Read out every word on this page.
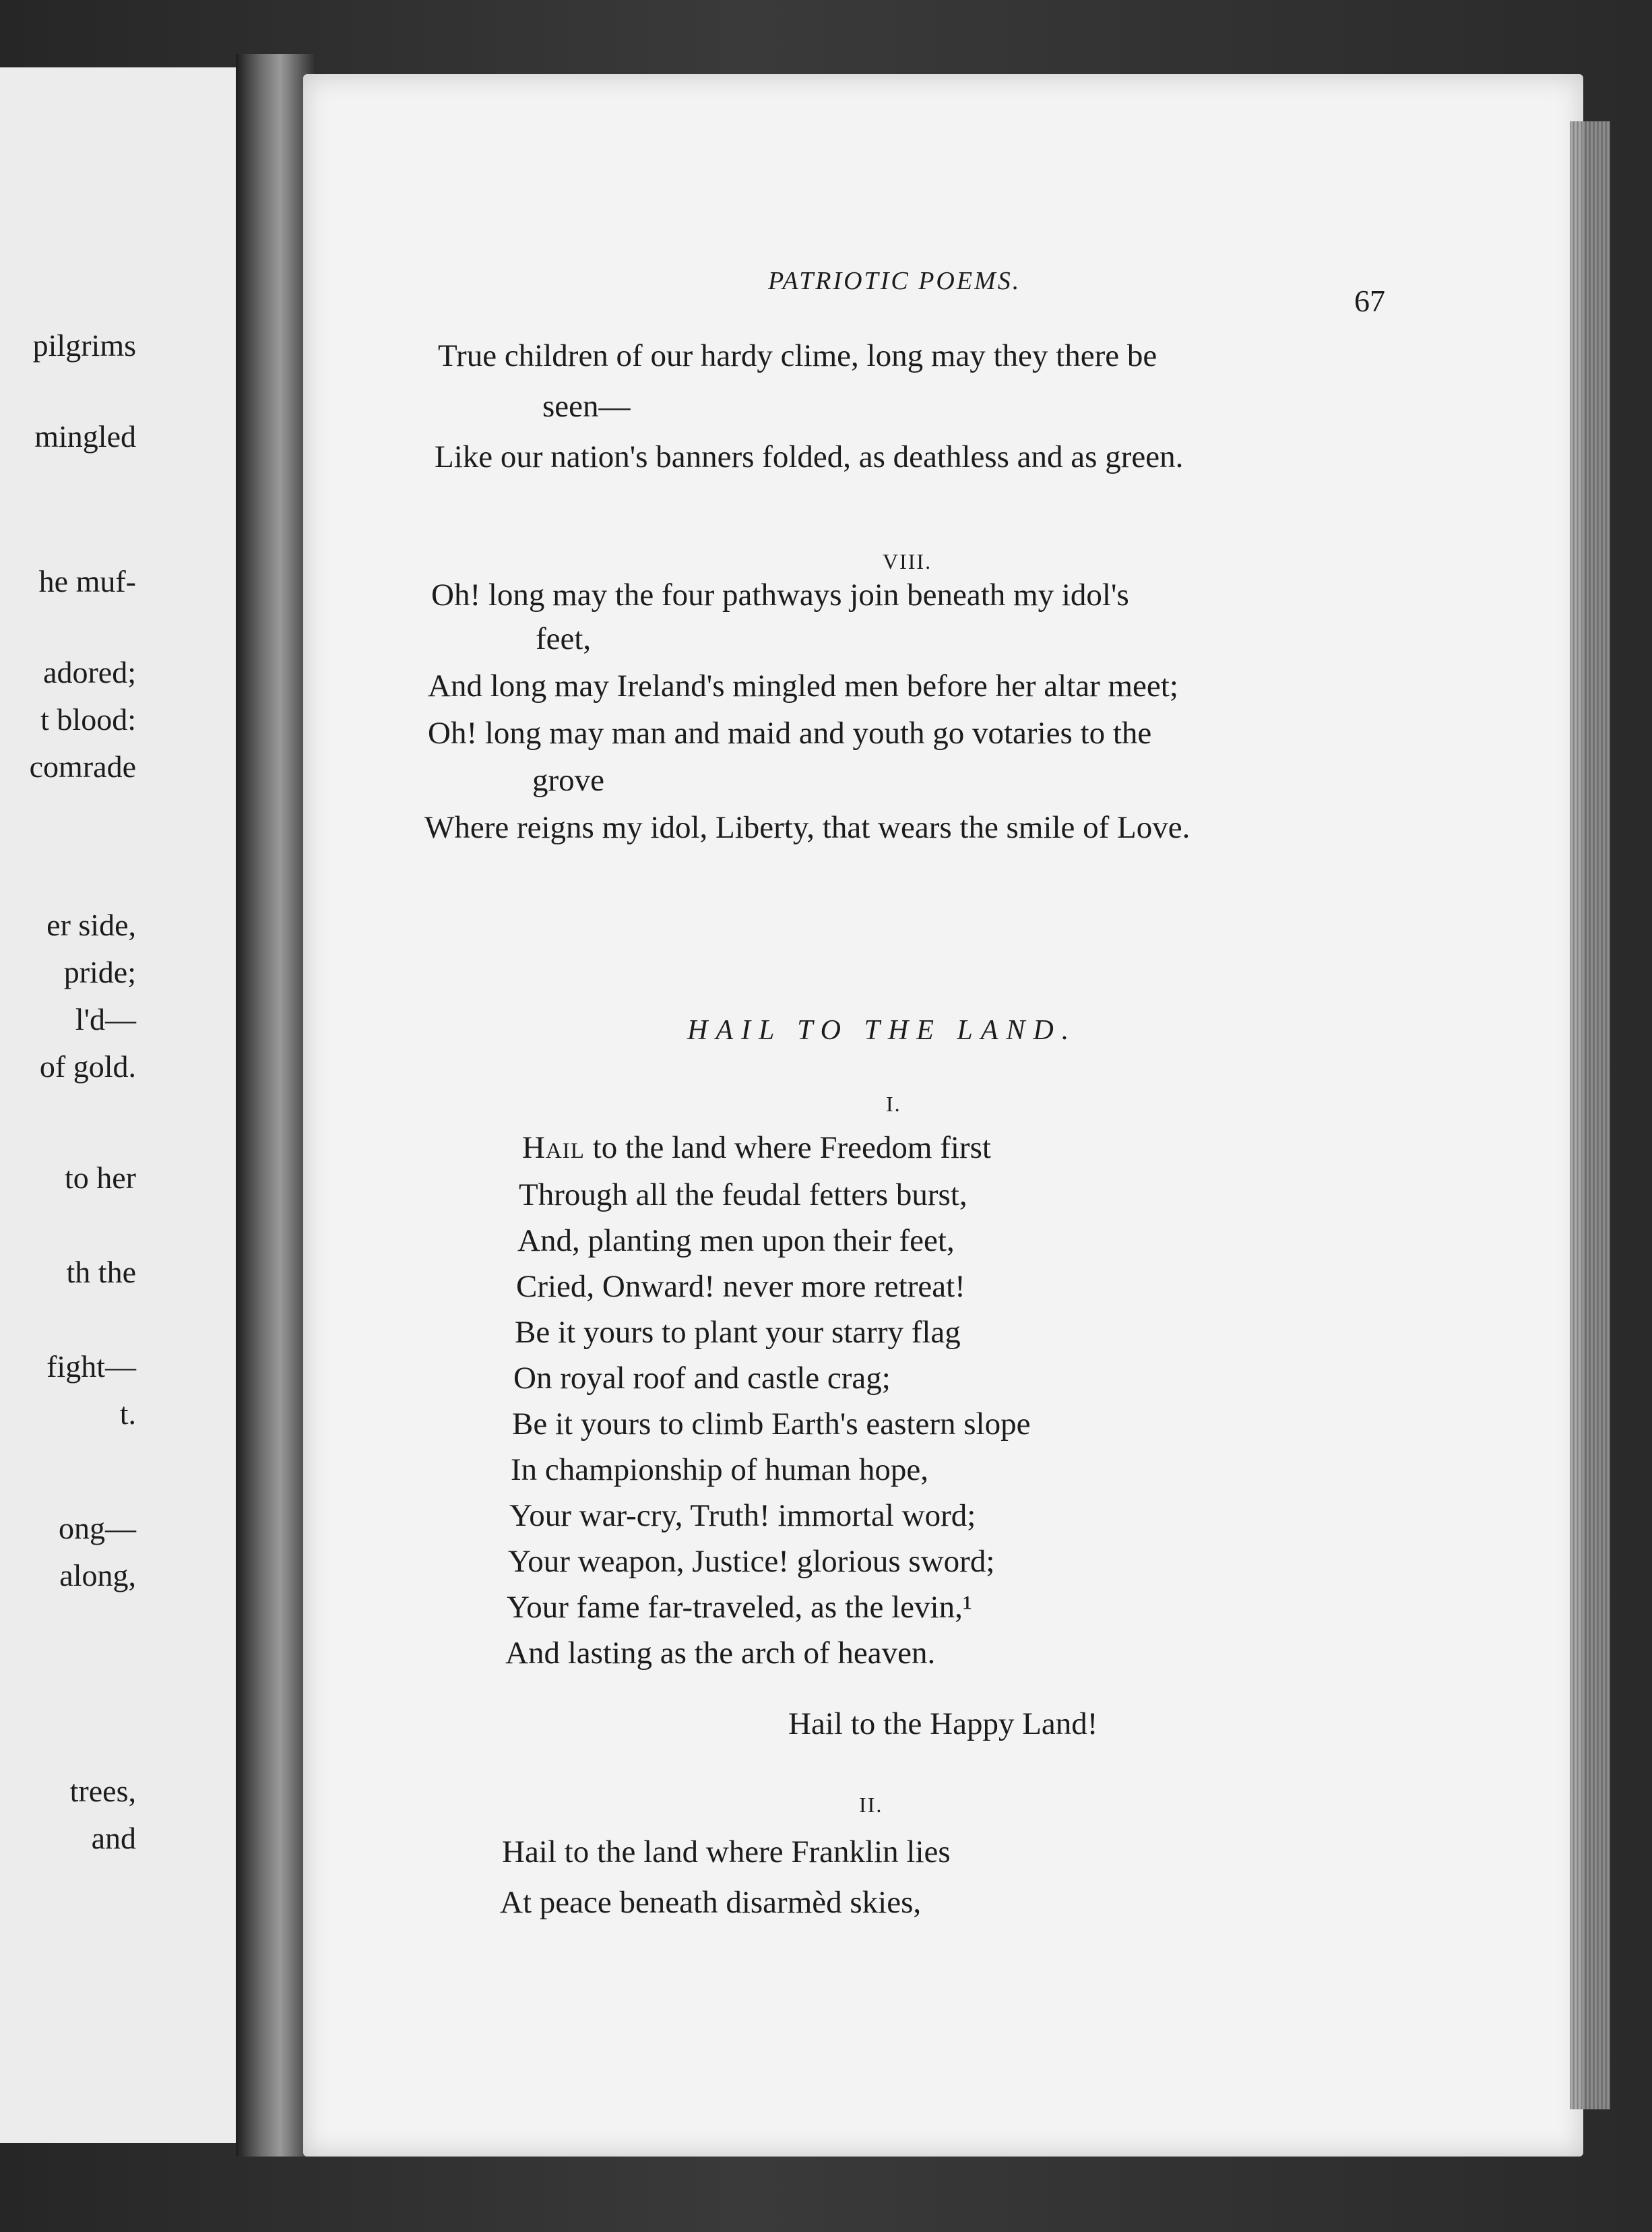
pilgrims
mingled
he muf-
adored;
t blood:
comrade
er side,
pride;
l'd—
of gold.
to her
th the
fight—
t.
ong—
along,
trees,
and
PATRIOTIC POEMS.
67
True children of our hardy clime, long may they there be
seen—
Like our nation's banners folded, as deathless and as green.
VIII.
Oh! long may the four pathways join beneath my idol's
feet,
And long may Ireland's mingled men before her altar meet;
Oh! long may man and maid and youth go votaries to the
grove
Where reigns my idol, Liberty, that wears the smile of Love.
HAIL TO THE LAND.
I.
Hail to the land where Freedom first
Through all the feudal fetters burst,
And, planting men upon their feet,
Cried, Onward! never more retreat!
Be it yours to plant your starry flag
On royal roof and castle crag;
Be it yours to climb Earth's eastern slope
In championship of human hope,
Your war-cry, Truth! immortal word;
Your weapon, Justice! glorious sword;
Your fame far-traveled, as the levin,¹
And lasting as the arch of heaven.
Hail to the Happy Land!
II.
Hail to the land where Franklin lies
At peace beneath disarmèd skies,
